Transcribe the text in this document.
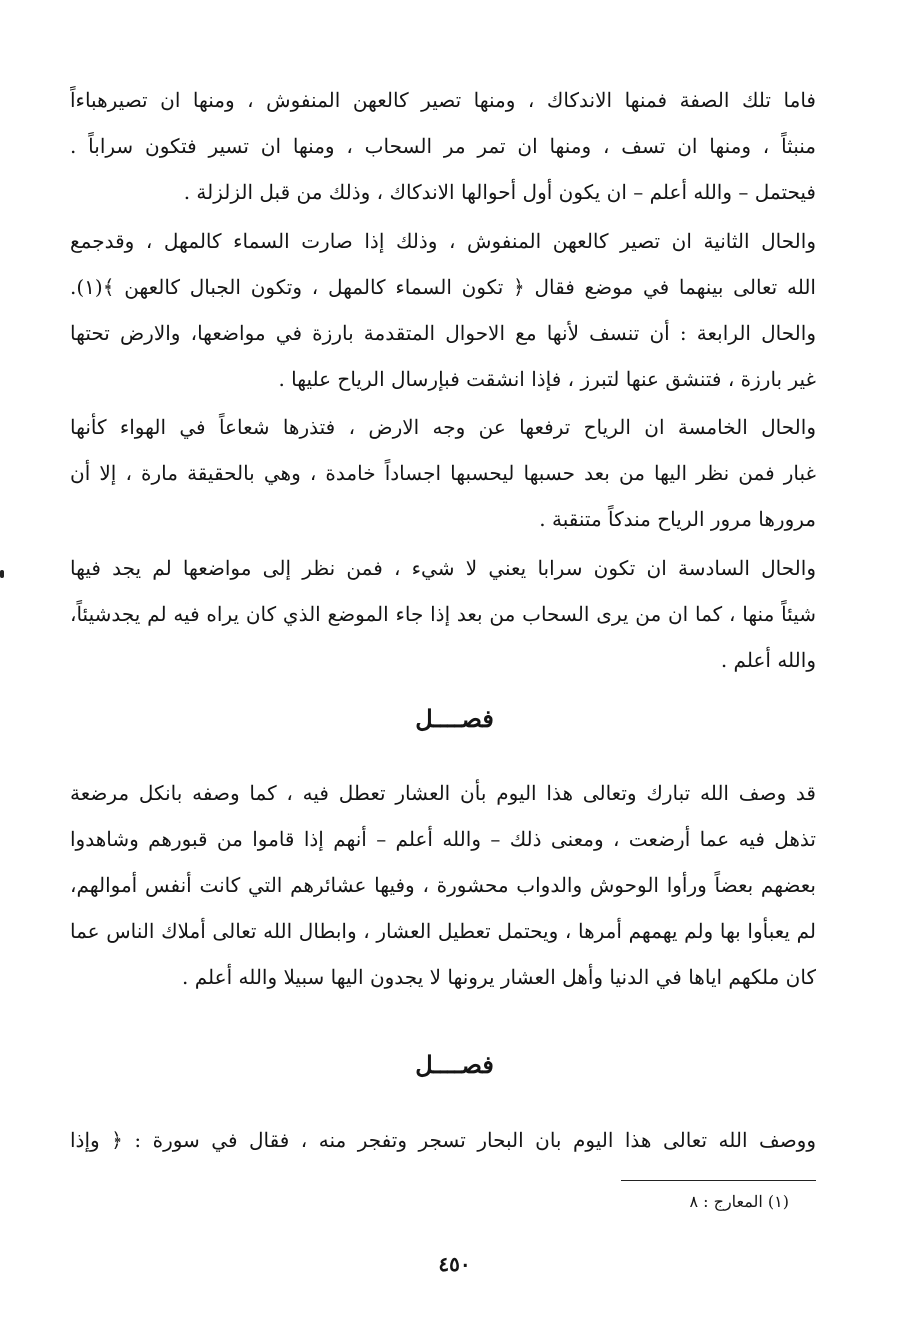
فاما تلك الصفة فمنها الاندكاك ، ومنها تصير كالعهن المنفوش ، ومنها ان تصيرهباءاً
منبثاً ، ومنها ان تسف ، ومنها ان تمر مر السحاب ، ومنها ان تسير فتكون سراباً .
فيحتمل – والله أعلم – ان يكون أول أحوالها الاندكاك ، وذلك من قبل الزلزلة .
والحال الثانية ان تصير كالعهن المنفوش ، وذلك إذا صارت السماء كالمهل ، وقدجمع
الله تعالى بينهما في موضع فقال ﴿ تكون السماء كالمهل ، وتكون الجبال كالعهن ﴾(١).
والحال الرابعة : أن تنسف لأنها مع الاحوال المتقدمة بارزة في مواضعها، والارض تحتها
غير بارزة ، فتنشق عنها لتبرز ، فإذا انشقت فبإرسال الرياح عليها .
والحال الخامسة ان الرياح ترفعها عن وجه الارض ، فتذرها شعاعاً في الهواء كأنها
غبار فمن نظر اليها من بعد حسبها ليحسبها اجساداً خامدة ، وهي بالحقيقة مارة ، إلا أن
مرورها مرور الرياح مندكاً متنقبة .
والحال السادسة ان تكون سرابا يعني لا شيء ، فمن نظر إلى مواضعها لم يجد فيها
شيئاً منها ، كما ان من يرى السحاب من بعد إذا جاء الموضع الذي كان يراه فيه لم يجدشيئاً،
والله أعلم .
فصــــل
قد وصف الله تبارك وتعالى هذا اليوم بأن العشار تعطل فيه ، كما وصفه بانكل مرضعة
تذهل فيه عما أرضعت ، ومعنى ذلك – والله أعلم – أنهم إذا قاموا من قبورهم وشاهدوا
بعضهم بعضاً ورأوا الوحوش والدواب محشورة ، وفيها عشائرهم التي كانت أنفس أموالهم،
لم يعبأوا بها ولم يهمهم أمرها ، ويحتمل تعطيل العشار ، وابطال الله تعالى أملاك الناس عما
كان ملكهم اياها في الدنيا وأهل العشار يرونها لا يجدون اليها سبيلا والله أعلم .
فصــــل
ووصف الله تعالى هذا اليوم بان البحار تسجر وتفجر منه ، فقال في سورة : ﴿ وإذا
(١) المعارج : ٨
٤٥٠
